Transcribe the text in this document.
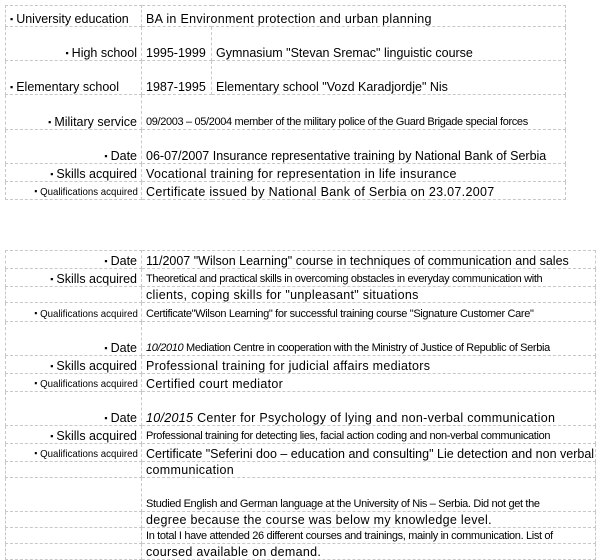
▪ University education	BA in Environment protection and urban planning	
▪ High school	1995-1999	Gymnasium "Stevan Sremac" linguistic course
▪ Elementary school	1987-1995	Elementary school "Vozd Karadjordje" Nis
▪ Military service	09/2003 – 05/2004 member of the military police of the Guard Brigade special forces	
▪ Date	06-07/2007 Insurance representative training by National Bank of Serbia	
▪ Skills acquired	Vocational training for representation in life insurance	
▪ Qualifications acquired	Certificate issued by National Bank of Serbia on 23.07.2007	
▪ Date	11/2007 "Wilson Learning" course in techniques of communication and sales
▪ Skills acquired	Theoretical and practical skills in overcoming obstacles in everyday communication with
	clients, coping skills for "unpleasant" situations
▪ Qualifications acquired	Certificate"Wilson Learning" for successful training course "Signature Customer Care"
▪ Date	10/2010 Mediation Centre in cooperation with the Ministry of Justice of Republic of Serbia
▪ Skills acquired	Professional training for judicial affairs mediators
▪ Qualifications acquired	Certified court mediator
▪ Date	10/2015 Center for Psychology of lying and non-verbal communication
▪ Skills acquired	Professional training for detecting lies, facial action coding and non-verbal communication
▪ Qualifications acquired	Certificate "Seferini doo – education and consulting" Lie detection and non verbal
	communication
	Studied English and German language at the University of Nis – Serbia. Did not get the
	degree because the course was below my knowledge level.
	In total I have attended 26 different courses and trainings, mainly in communication. List of
	coursed available on demand.
